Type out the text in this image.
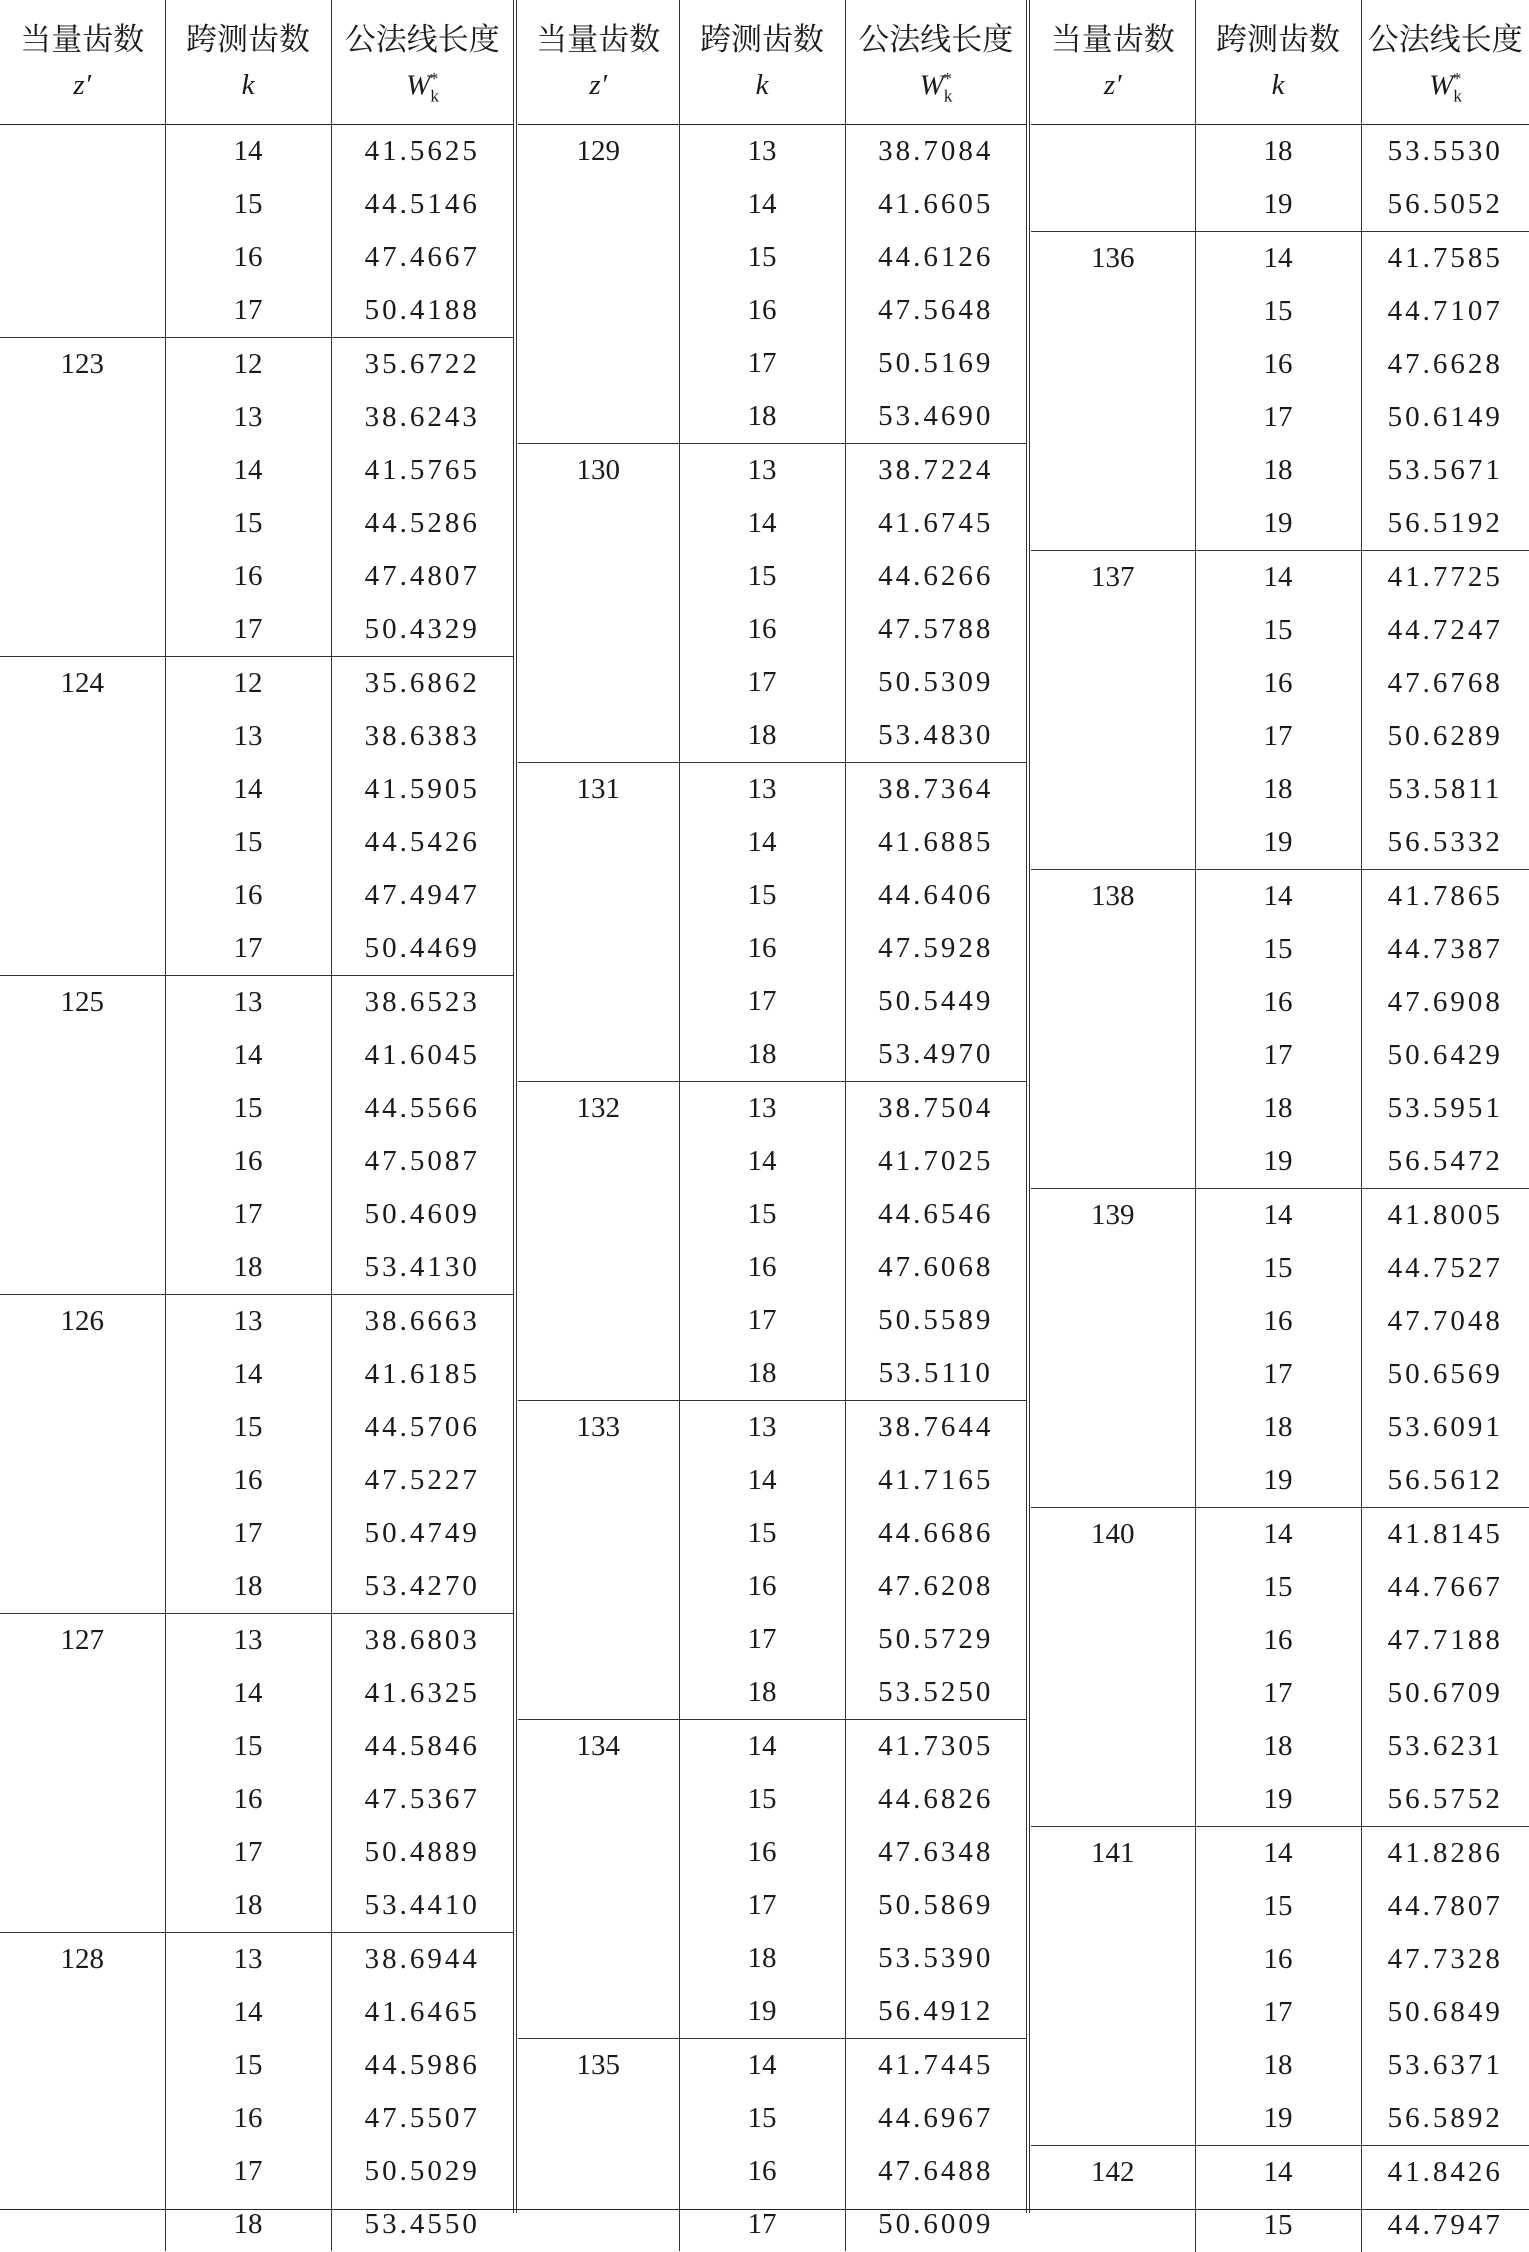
当量齿数	跨测齿数	公法线长度
z′	k	$W_k^*$
	14	41.5625
	15	44.5146
	16	47.4667
	17	50.4188
123	12	35.6722
	13	38.6243
	14	41.5765
	15	44.5286
	16	47.4807
	17	50.4329
124	12	35.6862
	13	38.6383
	14	41.5905
	15	44.5426
	16	47.4947
	17	50.4469
125	13	38.6523
	14	41.6045
	15	44.5566
	16	47.5087
	17	50.4609
	18	53.4130
126	13	38.6663
	14	41.6185
	15	44.5706
	16	47.5227
	17	50.4749
	18	53.4270
127	13	38.6803
	14	41.6325
	15	44.5846
	16	47.5367
	17	50.4889
	18	53.4410
128	13	38.6944
	14	41.6465
	15	44.5986
	16	47.5507
	17	50.5029
	18	53.4550
当量齿数	跨测齿数	公法线长度
z′	k	$W_k^*$
129	13	38.7084
	14	41.6605
	15	44.6126
	16	47.5648
	17	50.5169
	18	53.4690
130	13	38.7224
	14	41.6745
	15	44.6266
	16	47.5788
	17	50.5309
	18	53.4830
131	13	38.7364
	14	41.6885
	15	44.6406
	16	47.5928
	17	50.5449
	18	53.4970
132	13	38.7504
	14	41.7025
	15	44.6546
	16	47.6068
	17	50.5589
	18	53.5110
133	13	38.7644
	14	41.7165
	15	44.6686
	16	47.6208
	17	50.5729
	18	53.5250
134	14	41.7305
	15	44.6826
	16	47.6348
	17	50.5869
	18	53.5390
	19	56.4912
135	14	41.7445
	15	44.6967
	16	47.6488
	17	50.6009
当量齿数	跨测齿数	公法线长度
z′	k	$W_k^*$
	18	53.5530
	19	56.5052
136	14	41.7585
	15	44.7107
	16	47.6628
	17	50.6149
	18	53.5671
	19	56.5192
137	14	41.7725
	15	44.7247
	16	47.6768
	17	50.6289
	18	53.5811
	19	56.5332
138	14	41.7865
	15	44.7387
	16	47.6908
	17	50.6429
	18	53.5951
	19	56.5472
139	14	41.8005
	15	44.7527
	16	47.7048
	17	50.6569
	18	53.6091
	19	56.5612
140	14	41.8145
	15	44.7667
	16	47.7188
	17	50.6709
	18	53.6231
	19	56.5752
141	14	41.8286
	15	44.7807
	16	47.7328
	17	50.6849
	18	53.6371
	19	56.5892
142	14	41.8426
	15	44.7947
